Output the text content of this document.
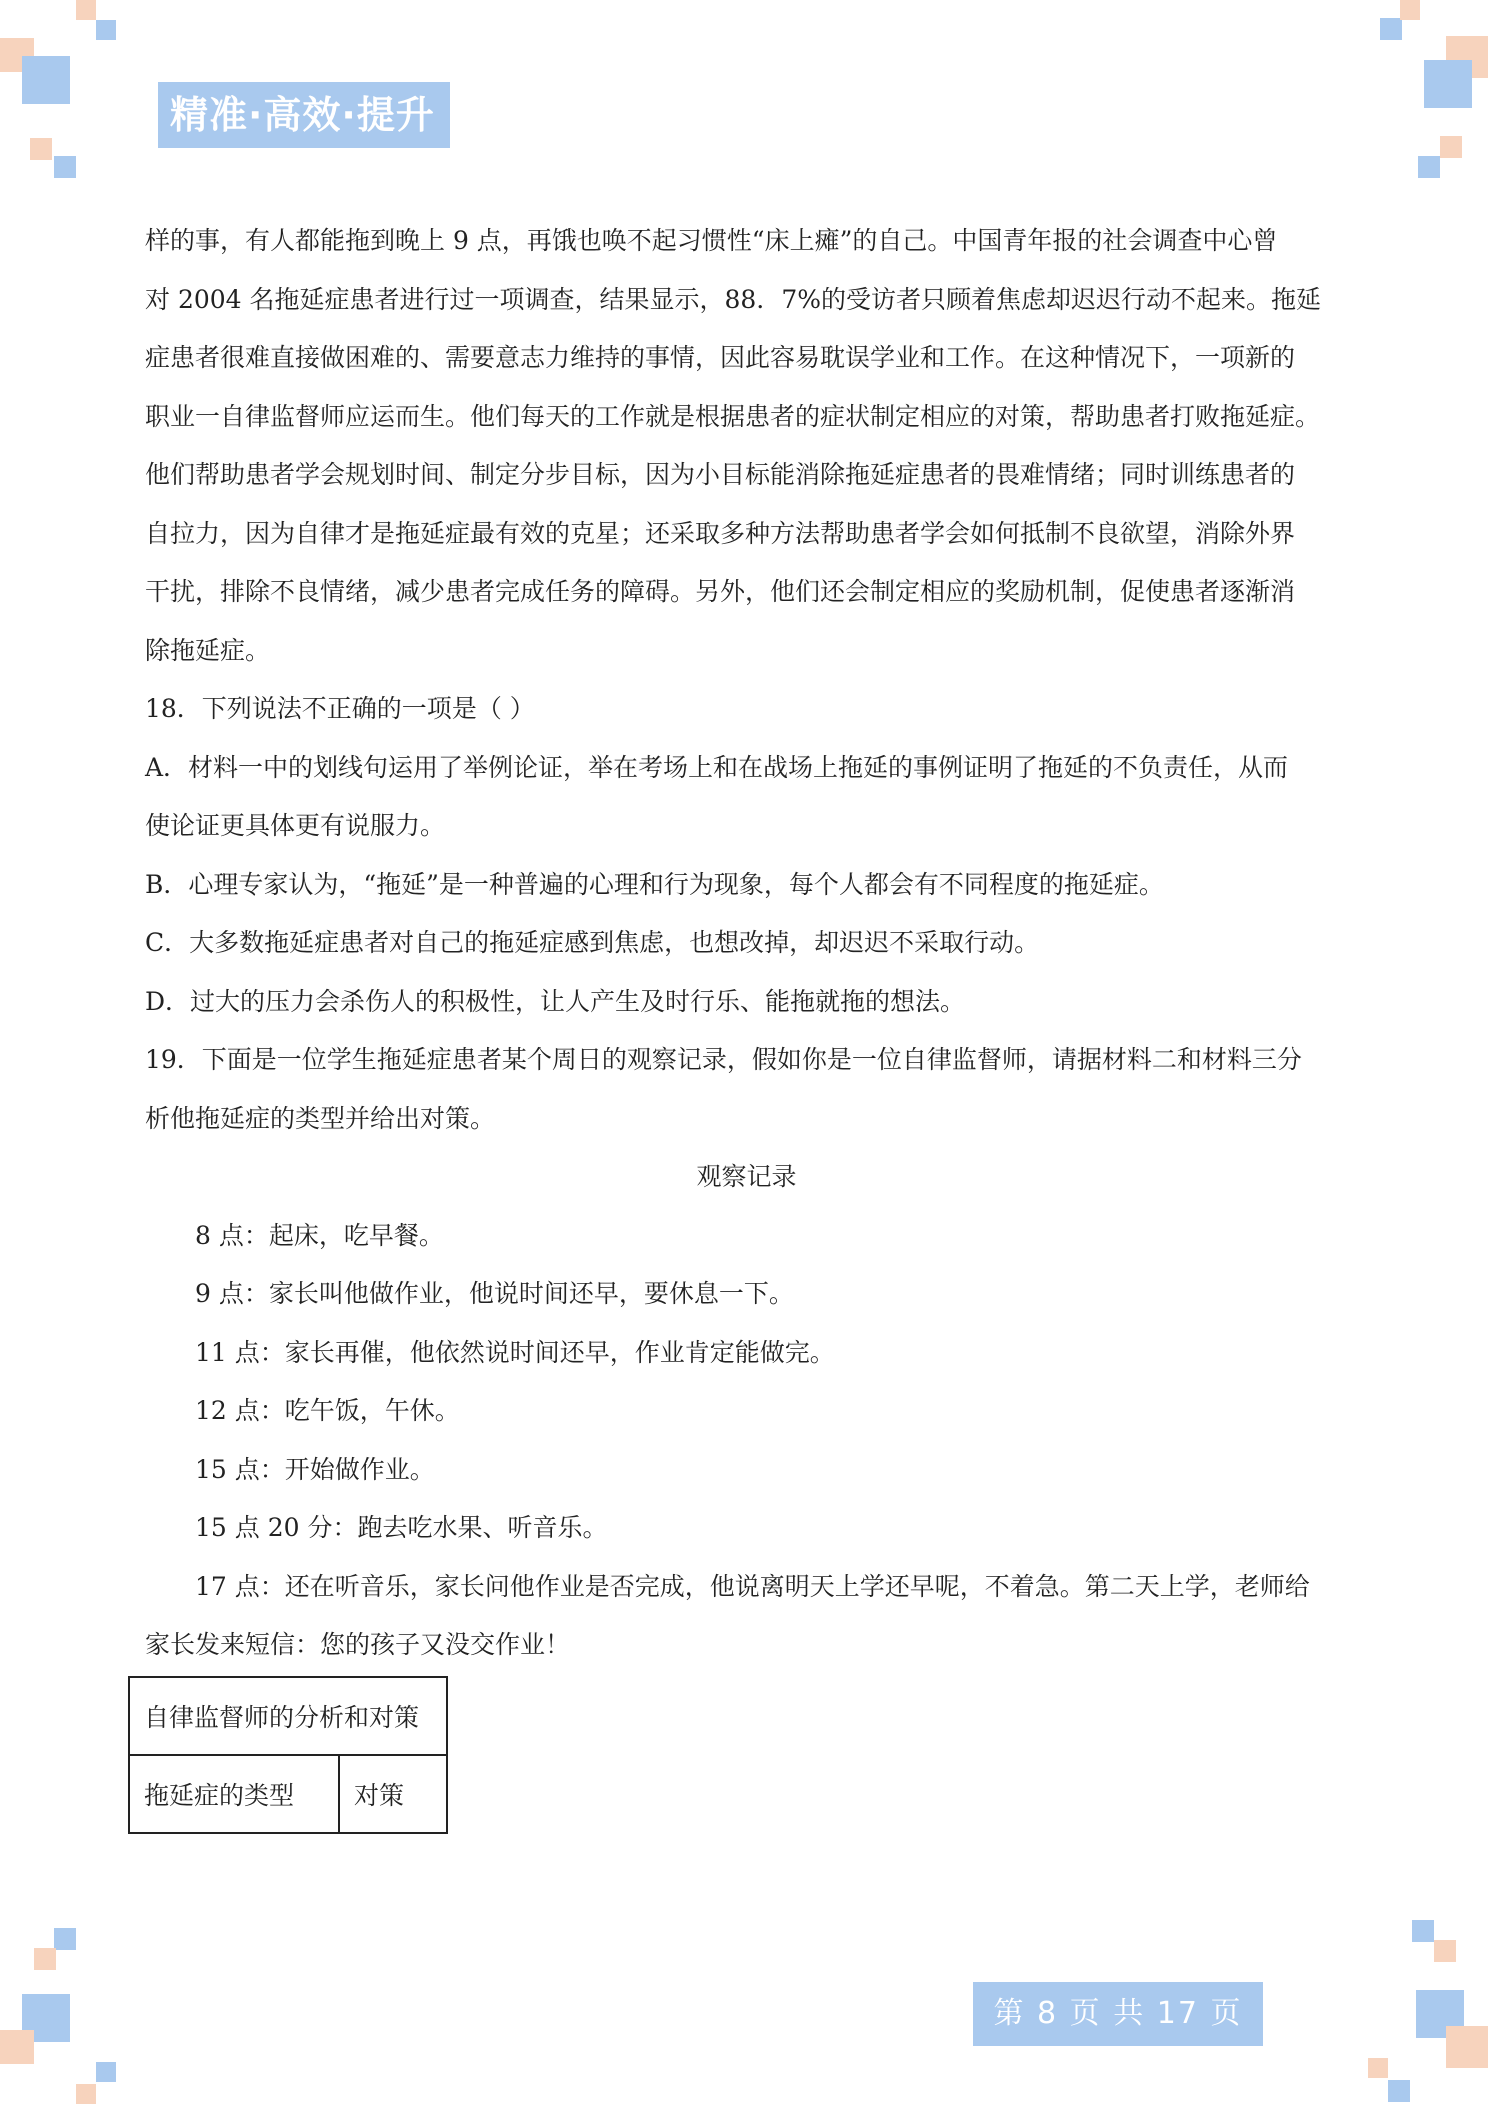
精准·高效·提升
样的事，有人都能拖到晚上 9 点，再饿也唤不起习惯性“床上瘫”的自己。中国青年报的社会调查中心曾
对 2004 名拖延症患者进行过一项调查，结果显示，88．7%的受访者只顾着焦虑却迟迟行动不起来。拖延
症患者很难直接做困难的、需要意志力维持的事情，因此容易耽误学业和工作。在这种情况下，一项新的
职业一自律监督师应运而生。他们每天的工作就是根据患者的症状制定相应的对策，帮助患者打败拖延症。
他们帮助患者学会规划时间、制定分步目标，因为小目标能消除拖延症患者的畏难情绪；同时训练患者的
自拉力，因为自律才是拖延症最有效的克星；还采取多种方法帮助患者学会如何抵制不良欲望，消除外界
干扰，排除不良情绪，减少患者完成任务的障碍。另外，他们还会制定相应的奖励机制，促使患者逐渐消
除拖延症。
18．下列说法不正确的一项是（ ）
A．材料一中的划线句运用了举例论证，举在考场上和在战场上拖延的事例证明了拖延的不负责任，从而
使论证更具体更有说服力。
B．心理专家认为，“拖延”是一种普遍的心理和行为现象，每个人都会有不同程度的拖延症。
C．大多数拖延症患者对自己的拖延症感到焦虑，也想改掉，却迟迟不采取行动。
D．过大的压力会杀伤人的积极性，让人产生及时行乐、能拖就拖的想法。
19．下面是一位学生拖延症患者某个周日的观察记录，假如你是一位自律监督师，请据材料二和材料三分
析他拖延症的类型并给出对策。
观察记录
8 点：起床，吃早餐。
9 点：家长叫他做作业，他说时间还早，要休息一下。
11 点：家长再催，他依然说时间还早，作业肯定能做完。
12 点：吃午饭，午休。
15 点：开始做作业。
15 点 20 分：跑去吃水果、听音乐。
17 点：还在听音乐，家长问他作业是否完成，他说离明天上学还早呢，不着急。第二天上学，老师给
家长发来短信：您的孩子又没交作业！
自律监督师的分析和对策
拖延症的类型	对策
第 8 页 共 17 页
